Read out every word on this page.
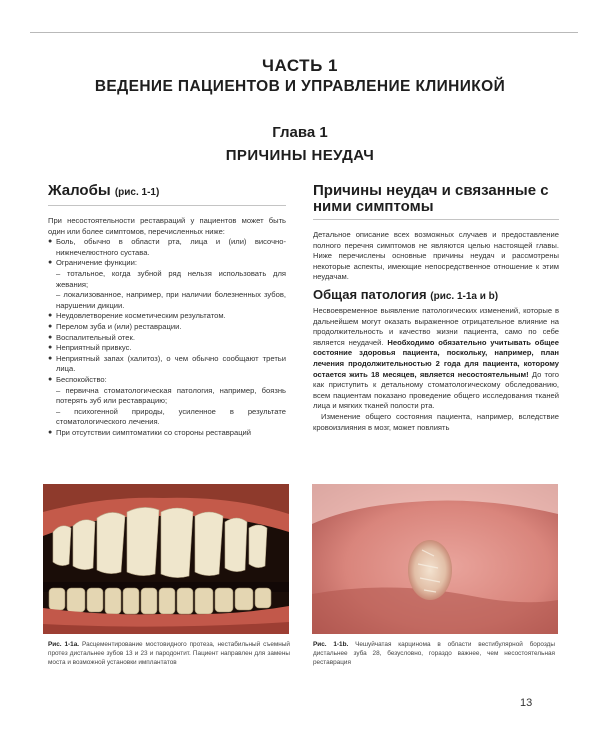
ЧАСТЬ 1
ВЕДЕНИЕ ПАЦИЕНТОВ И УПРАВЛЕНИЕ КЛИНИКОЙ
Глава 1
ПРИЧИНЫ НЕУДАЧ
Жалобы (рис. 1-1)

При несостоятельности реставраций у пациентов может быть один или более симптомов, перечисленных ниже:

● Боль, обычно в области рта, лица и (или) височно-нижнечелюстного сустава.
● Ограничение функции:
– тотальное, когда зубной ряд нельзя использовать для жевания;
– локализованное, например, при наличии болезненных зубов, нарушении дикции.
● Неудовлетворение косметическим результатом.
● Перелом зуба и (или) реставрации.
● Воспалительный отек.
● Неприятный привкус.
● Неприятный запах (халитоз), о чем обычно сообщают третьи лица.
● Беспокойство:
– первична стоматологическая патология, например, боязнь потерять зуб или реставрацию;
– психогенной природы, усиленное в результате стоматологического лечения.
● При отсутствии симптоматики со стороны реставраций
Причины неудач и связанные с ними симптомы

Детальное описание всех возможных случаев и предоставление полного перечня симптомов не являются целью настоящей главы. Ниже перечислены основные причины неудач и рассмотрены некоторые аспекты, имеющие непосредственное отношение к этим неудачам.

Общая патология (рис. 1-1a и b)

Несвоевременное выявление патологических изменений, которые в дальнейшем могут оказать выраженное отрицательное влияние на продолжительность и качество жизни пациента, само по себе является неудачей. Необходимо обязательно учитывать общее состояние здоровья пациента, поскольку, например, план лечения продолжительностью 2 года для пациента, которому остается жить 18 месяцев, является несостоятельным! До того как приступить к детальному стоматологическому обследованию, всем пациентам показано проведение общего исследования тканей лица и мягких тканей полости рта.

Изменение общего состояния пациента, например, вследствие кровоизлияния в мозг, может повлиять

Рис. 1-1a. Расцементирование мостовидного протеза, нестабильный съемный протез дистальнее зубов 13 и 23 и пародонтит. Пациент направлен для замены моста и возможной установки имплантатов
Рис. 1-1b. Чешуйчатая карцинома в области вестибулярной борозды дистальнее зуба 28, безусловно, гораздо важнее, чем несостоятельная реставрация
13
